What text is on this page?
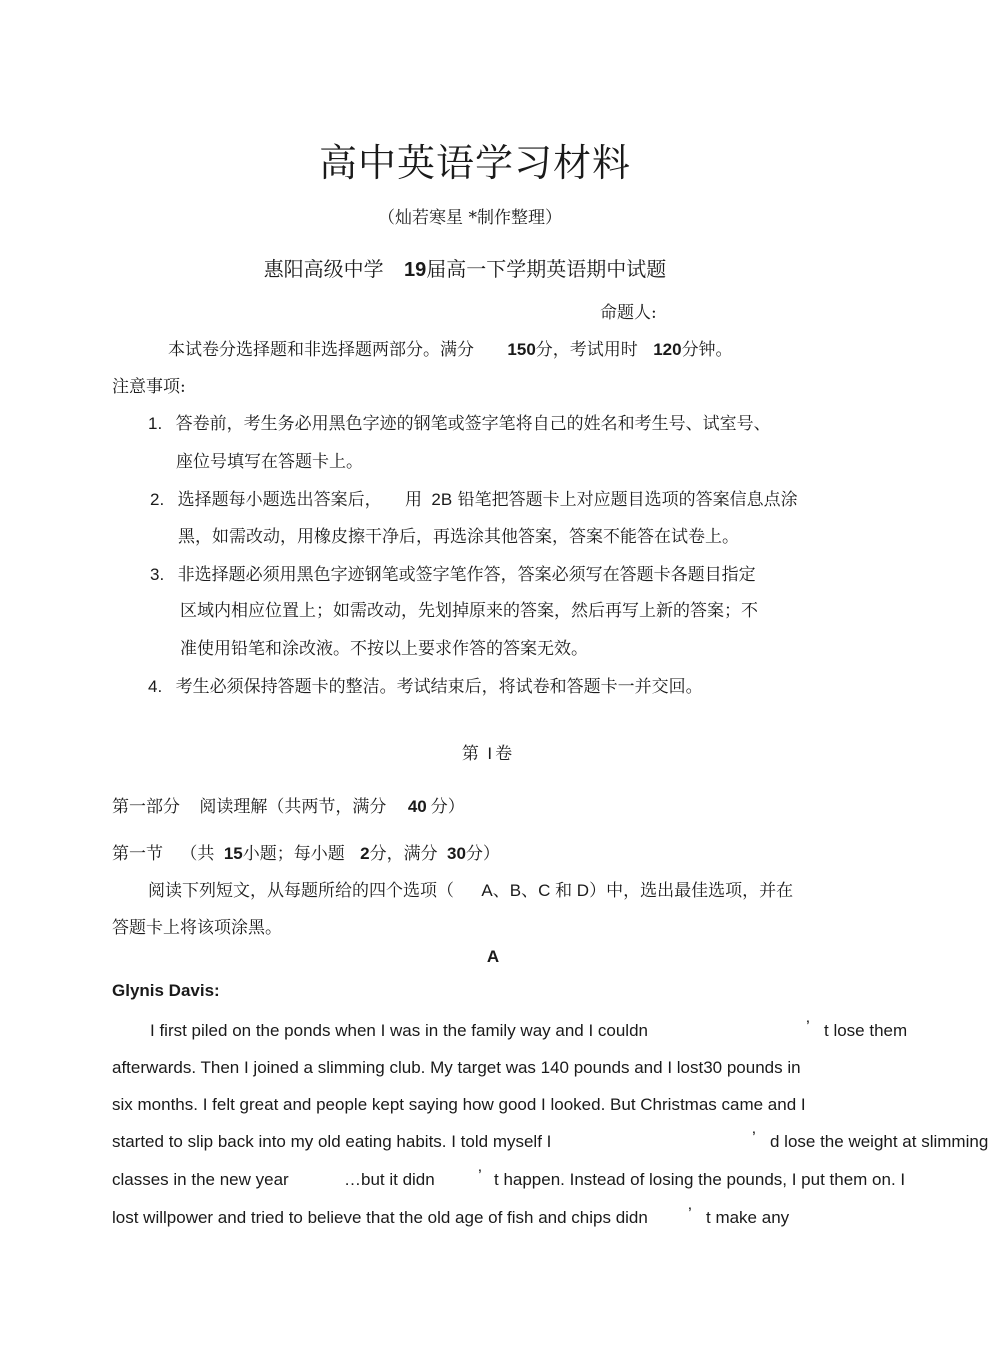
高中英语学习材料
（灿若寒星 *制作整理）
惠阳高级中学 19届高一下学期英语期中试题
命题人:
本试卷分选择题和非选择题两部分。满分 150分，考试用时 120分钟。
注意事项:
1. 答卷前，考生务必用黑色字迹的钢笔或签字笔将自己的姓名和考生号、试室号、
座位号填写在答题卡上。
2. 选择题每小题选出答案后， 用 2B 铅笔把答题卡上对应题目选项的答案信息点涂
黑，如需改动，用橡皮擦干净后，再选涂其他答案，答案不能答在试卷上。
3. 非选择题必须用黑色字迹钢笔或签字笔作答，答案必须写在答题卡各题目指定
区域内相应位置上；如需改动，先划掉原来的答案，然后再写上新的答案；不
准使用铅笔和涂改液。不按以上要求作答的答案无效。
4. 考生必须保持答题卡的整洁。考试结束后，将试卷和答题卡一并交回。
第 I 卷
第一部分 阅读理解（共两节，满分 40 分）
第一节 （共 15小题；每小题 2分，满分 30分）
阅读下列短文，从每题所给的四个选项（ A、B、C 和 D）中，选出最佳选项，并在
答题卡上将该项涂黑。
A
Glynis Davis:
I first piled on the ponds when I was in the family way and I couldn	’ t lose them
afterwards. Then I joined a slimming club. My target was 140 pounds and I lost30 pounds in
six months. I felt great and people kept saying how good I looked. But Christmas came and I
started to slip back into my old eating habits. I told myself I	’ d lose the weight at slimming
classes in the new year	…but it didn	’ t happen. Instead of losing the pounds, I put them on. I
lost willpower and tried to believe that the old age of fish and chips didn ’ t make any
